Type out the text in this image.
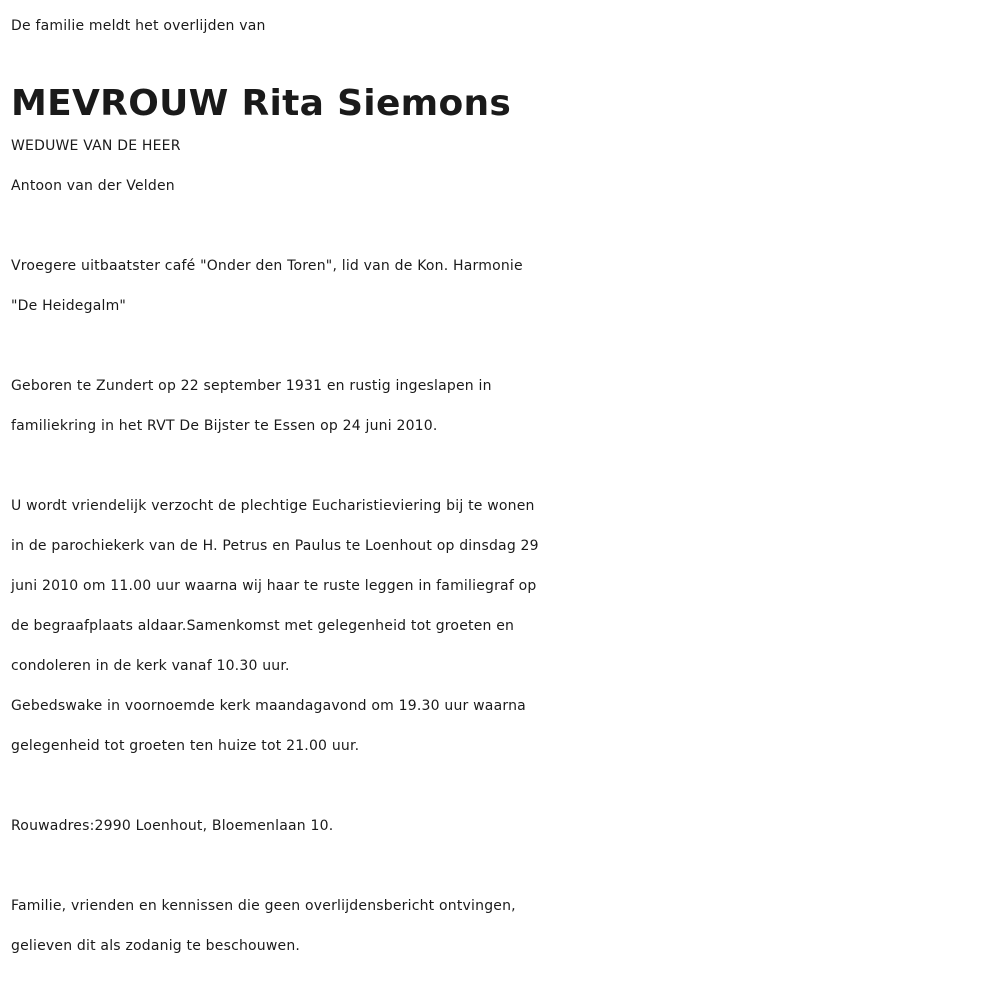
De familie meldt het overlijden van
MEVROUW Rita Siemons
WEDUWE VAN DE HEER
Antoon van der Velden
Vroegere uitbaatster café "Onder den Toren", lid van de Kon. Harmonie
"De Heidegalm"
Geboren te Zundert op 22 september 1931 en rustig ingeslapen in
familiekring in het RVT De Bijster te Essen op 24 juni 2010.
U wordt vriendelijk verzocht de plechtige Eucharistieviering bij te wonen
in de parochiekerk van de H. Petrus en Paulus te Loenhout op dinsdag 29
juni 2010 om 11.00 uur waarna wij haar te ruste leggen in familiegraf op
de begraafplaats aldaar.Samenkomst met gelegenheid tot groeten en
condoleren in de kerk vanaf 10.30 uur.
Gebedswake in voornoemde kerk maandagavond om 19.30 uur waarna
gelegenheid tot groeten ten huize tot 21.00 uur.
Rouwadres:2990 Loenhout, Bloemenlaan 10.
Familie, vrienden en kennissen die geen overlijdensbericht ontvingen,
gelieven dit als zodanig te beschouwen.
